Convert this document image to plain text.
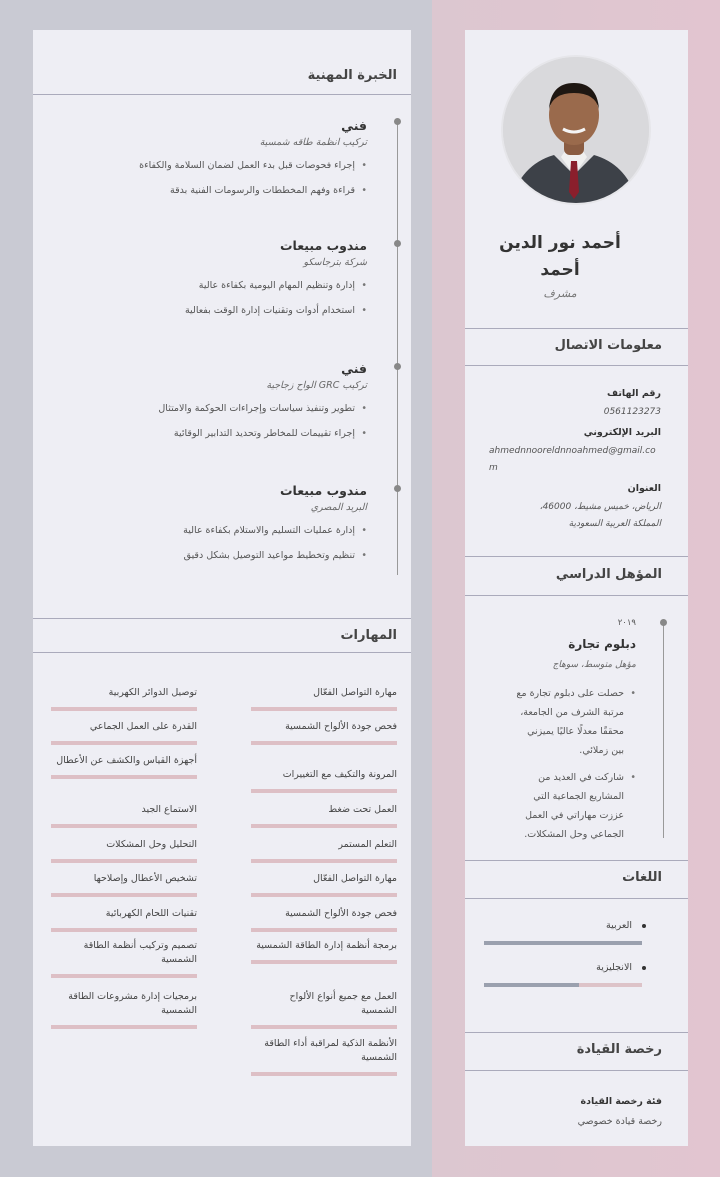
الخبرة المهنية
فني
تركيب انظمة طاقه شمسية
• إجراء فحوصات قبل بدء العمل لضمان السلامة والكفاءة
• قراءة وفهم المخططات والرسومات الفنية بدقة
مندوب مبيعات
شركة بترجاسكو
• إدارة وتنظيم المهام اليومية بكفاءة عالية
• استخدام أدوات وتقنيات إدارة الوقت بفعالية
فني
تركيب GRC الواح زجاجية
• تطوير وتنفيذ سياسات وإجراءات الحوكمة والامتثال
• إجراء تقييمات للمخاطر وتحديد التدابير الوقائية
مندوب مبيعات
البريد المصري
• إدارة عمليات التسليم والاستلام بكفاءة عالية
• تنظيم وتخطيط مواعيد التوصيل بشكل دقيق
المهارات
مهارة التواصل الفعّال
فحص جودة الألواح الشمسية
المرونة والتكيف مع التغييرات
العمل تحت ضغط
التعلم المستمر
مهارة التواصل الفعّال
فحص جودة الألواح الشمسية
برمجة أنظمة إدارة الطاقة الشمسية
العمل مع جميع أنواع الألواح الشمسية
الأنظمة الذكية لمراقبة أداء الطاقة الشمسية
توصيل الدوائر الكهربية
القدرة على العمل الجماعي
أجهزة القياس والكشف عن الأعطال
الاستماع الجيد
التحليل وحل المشكلات
تشخيص الأعطال وإصلاحها
تقنيات اللحام الكهربائية
تصميم وتركيب أنظمة الطاقة الشمسية
برمجيات إدارة مشروعات الطاقة الشمسية
أحمد نور الدين
أحمد
مشرف
معلومات الاتصال
رقم الهاتف
0561123273
البريد الإلكتروني
ahmednnooreldnnoahmed@gmail.com
العنوان
الرياض، خميس مشيط، 46000،
المملكة العربية السعودية
المؤهل الدراسي
٢٠١٩
دبلوم تجارة
مؤهل متوسط، سوهاج
حصلت على دبلوم تجارة مع مرتبة الشرف من الجامعة، محققًا معدلًا عاليًا يميزني بين زملائي.
•
شاركت في العديد من المشاريع الجماعية التي عززت مهاراتي في العمل الجماعي وحل المشكلات.
•
اللغات
العربية
الانجليزية
رخصة القيادة
فئة رخصة القيادة
رخصة قيادة خصوصي
